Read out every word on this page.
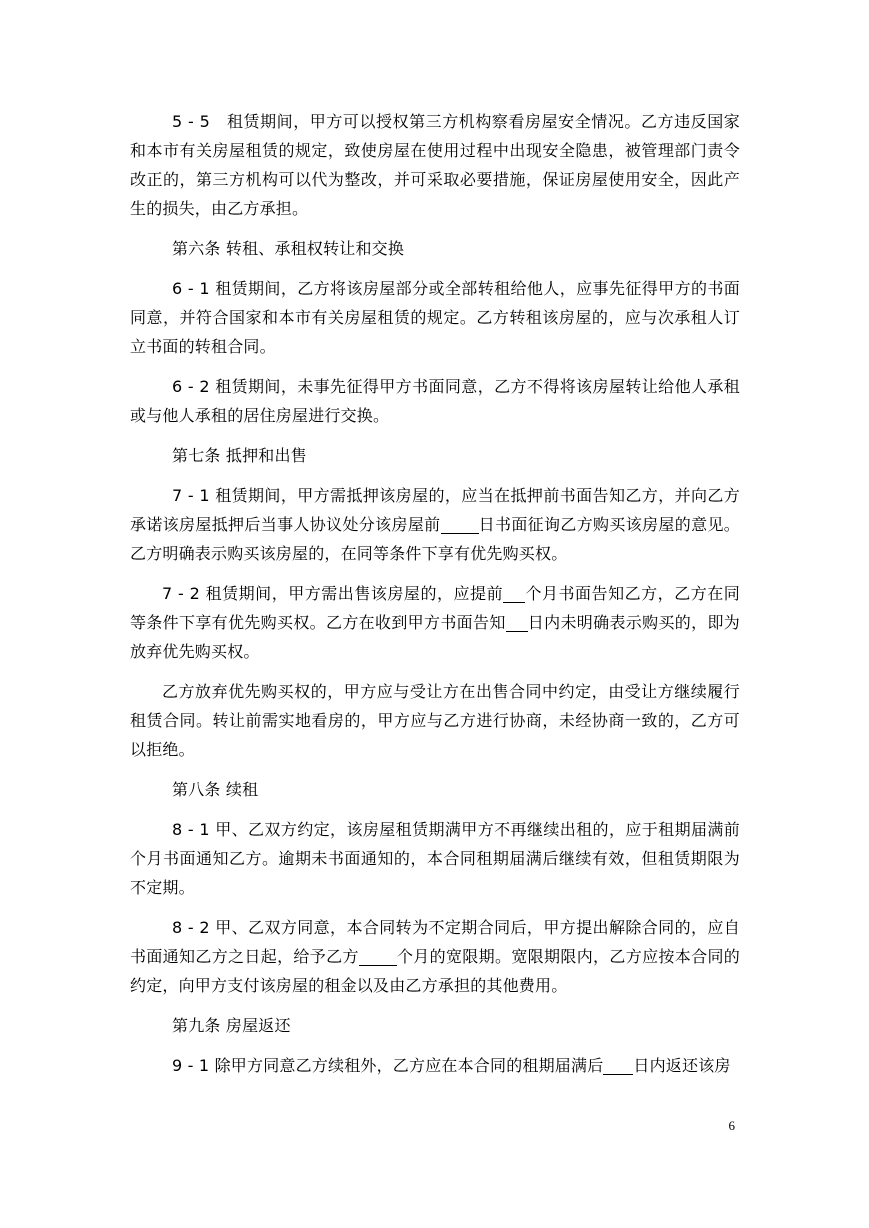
5 - 5　租赁期间，甲方可以授权第三方机构察看房屋安全情况。乙方违反国家和本市有关房屋租赁的规定，致使房屋在使用过程中出现安全隐患，被管理部门责令改正的，第三方机构可以代为整改，并可采取必要措施，保证房屋使用安全，因此产生的损失，由乙方承担。

第六条 转租、承租权转让和交换

6 - 1 租赁期间，乙方将该房屋部分或全部转租给他人，应事先征得甲方的书面同意，并符合国家和本市有关房屋租赁的规定。乙方转租该房屋的，应与次承租人订立书面的转租合同。

6 - 2 租赁期间，未事先征得甲方书面同意，乙方不得将该房屋转让给他人承租或与他人承租的居住房屋进行交换。

第七条 抵押和出售

7 - 1 租赁期间，甲方需抵押该房屋的，应当在抵押前书面告知乙方，并向乙方承诺该房屋抵押后当事人协议处分该房屋前 日书面征询乙方购买该房屋的意见。乙方明确表示购买该房屋的，在同等条件下享有优先购买权。

7 - 2 租赁期间，甲方需出售该房屋的，应提前 个月书面告知乙方，乙方在同等条件下享有优先购买权。乙方在收到甲方书面告知 日内未明确表示购买的，即为放弃优先购买权。

乙方放弃优先购买权的，甲方应与受让方在出售合同中约定，由受让方继续履行租赁合同。转让前需实地看房的，甲方应与乙方进行协商，未经协商一致的，乙方可以拒绝。

第八条 续租

8 - 1 甲、乙双方约定，该房屋租赁期满甲方不再继续出租的，应于租期届满前个月书面通知乙方。逾期未书面通知的，本合同租期届满后继续有效，但租赁期限为不定期。

8 - 2 甲、乙双方同意，本合同转为不定期合同后，甲方提出解除合同的，应自书面通知乙方之日起，给予乙方 个月的宽限期。宽限期限内，乙方应按本合同的约定，向甲方支付该房屋的租金以及由乙方承担的其他费用。

第九条 房屋返还

9 - 1 除甲方同意乙方续租外，乙方应在本合同的租期届满后 日内返还该房

6
